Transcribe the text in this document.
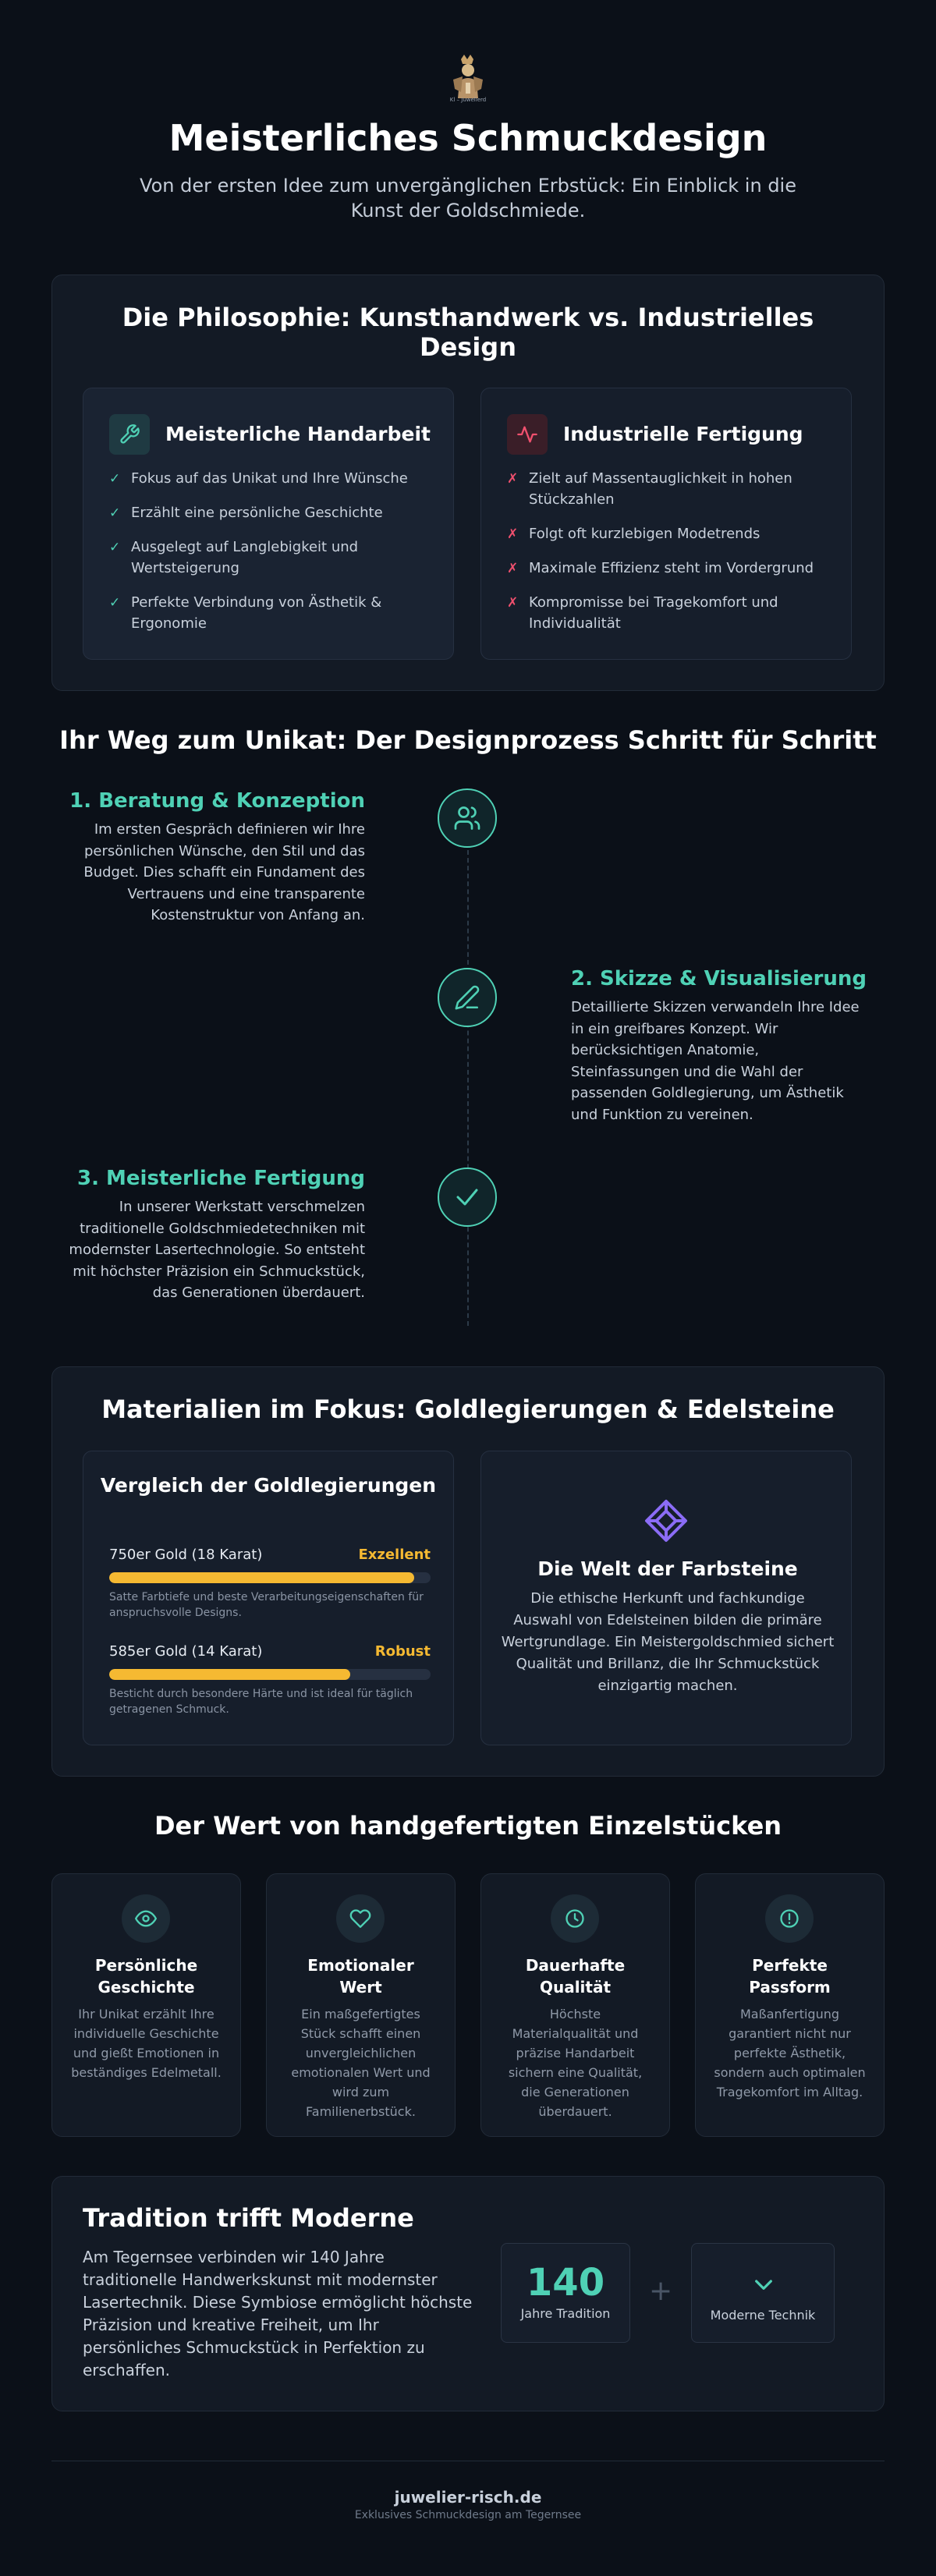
Kl – Juwelierd
Meisterliches Schmuckdesign
Von der ersten Idee zum unvergänglichen Erbstück: Ein Einblick in die Kunst der Goldschmiede.
Die Philosophie: Kunsthandwerk vs. Industrielles Design
Meisterliche Handarbeit
✓ Fokus auf das Unikat und Ihre Wünsche
✓ Erzählt eine persönliche Geschichte
✓ Ausgelegt auf Langlebigkeit und Wertsteigerung
✓ Perfekte Verbindung von Ästhetik & Ergonomie
Industrielle Fertigung
✗ Zielt auf Massentauglichkeit in hohen Stückzahlen
✗ Folgt oft kurzlebigen Modetrends
✗ Maximale Effizienz steht im Vordergrund
✗ Kompromisse bei Tragekomfort und Individualität
Ihr Weg zum Unikat: Der Designprozess Schritt für Schritt
1. Beratung & Konzeption
Im ersten Gespräch definieren wir Ihre persönlichen Wünsche, den Stil und das Budget. Dies schafft ein Fundament des Vertrauens und eine transparente Kostenstruktur von Anfang an.
2. Skizze & Visualisierung
Detaillierte Skizzen verwandeln Ihre Idee in ein greifbares Konzept. Wir berücksichtigen Anatomie, Steinfassungen und die Wahl der passenden Goldlegierung, um Ästhetik und Funktion zu vereinen.
3. Meisterliche Fertigung
In unserer Werkstatt verschmelzen traditionelle Goldschmiedetechniken mit modernster Lasertechnologie. So entsteht mit höchster Präzision ein Schmuckstück, das Generationen überdauert.
Materialien im Fokus: Goldlegierungen & Edelsteine
Vergleich der Goldlegierungen
750er Gold (18 Karat)	Exzellent
Satte Farbtiefe und beste Verarbeitungseigenschaften für anspruchsvolle Designs.
585er Gold (14 Karat)	Robust
Besticht durch besondere Härte und ist ideal für täglich getragenen Schmuck.
Die Welt der Farbsteine
Die ethische Herkunft und fachkundige Auswahl von Edelsteinen bilden die primäre Wertgrundlage. Ein Meistergoldschmied sichert Qualität und Brillanz, die Ihr Schmuckstück einzigartig machen.
Der Wert von handgefertigten Einzelstücken
Persönliche Geschichte
Ihr Unikat erzählt Ihre individuelle Geschichte und gießt Emotionen in beständiges Edelmetall.
Emotionaler Wert
Ein maßgefertigtes Stück schafft einen unvergleichlichen emotionalen Wert und wird zum Familienerbstück.
Dauerhafte Qualität
Höchste Materialqualität und präzise Handarbeit sichern eine Qualität, die Generationen überdauert.
Perfekte Passform
Maßanfertigung garantiert nicht nur perfekte Ästhetik, sondern auch optimalen Tragekomfort im Alltag.
Tradition trifft Moderne
Am Tegernsee verbinden wir 140 Jahre traditionelle Handwerkskunst mit modernster Lasertechnik. Diese Symbiose ermöglicht höchste Präzision und kreative Freiheit, um Ihr persönliches Schmuckstück in Perfektion zu erschaffen.
140
Jahre Tradition
+
Moderne Technik
juwelier-risch.de
Exklusives Schmuckdesign am Tegernsee
